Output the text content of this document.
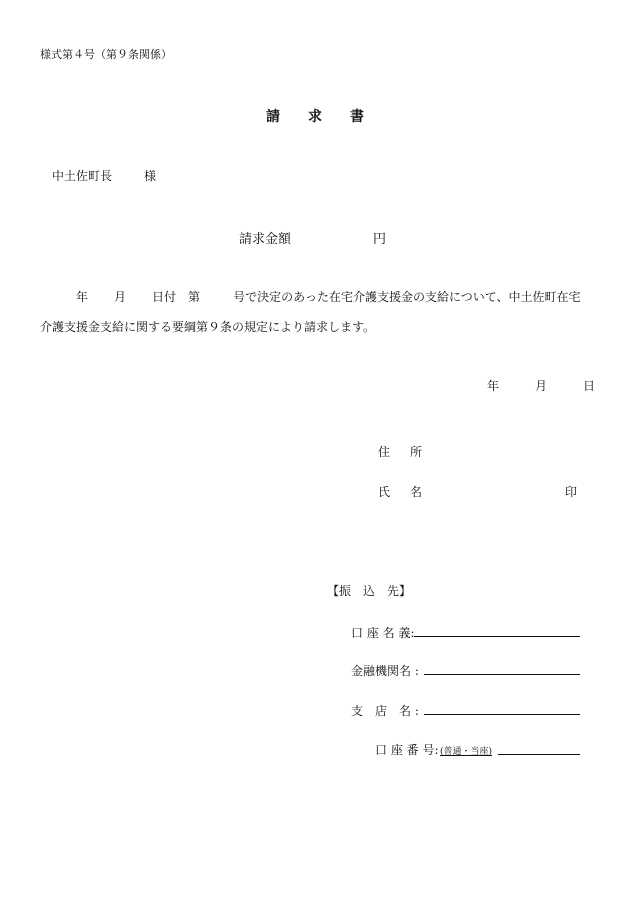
様式第４号（第９条関係）
請 求 書
中土佐町長	様
請求金額	円
年 月 日付 第	号で決定のあった在宅介護支援金の支給について、中土佐町在宅
介護支援金支給に関する要綱第９条の規定により請求します。
年	月	日
住 所
氏 名	印
【振　込　先】
口 座 名 義:
金融機関名 :
支　店　名 :
口 座 番 号: (普通・当座)
